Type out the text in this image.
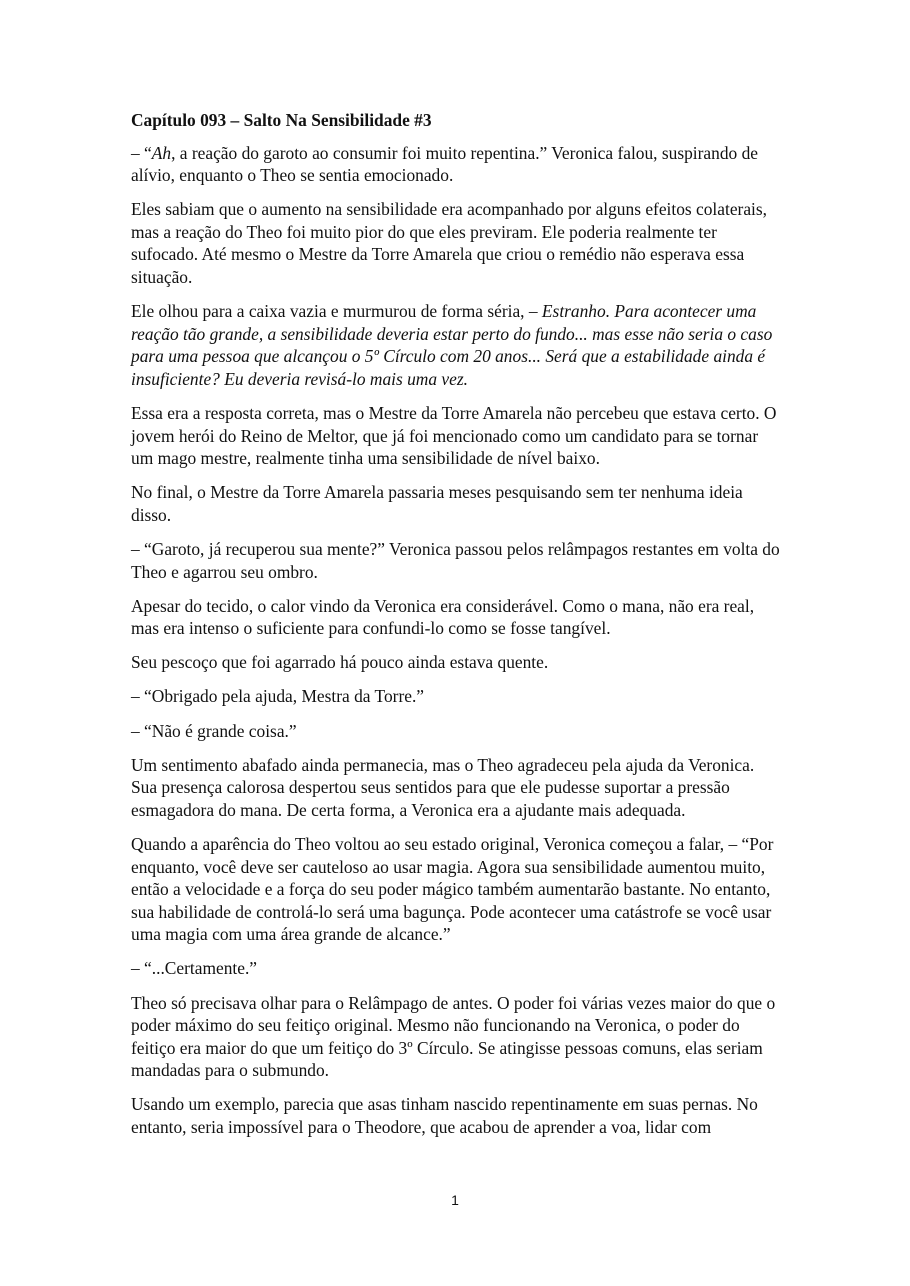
Capítulo 093 – Salto Na Sensibilidade #3

– “Ah, a reação do garoto ao consumir foi muito repentina.” Veronica falou, suspirando de alívio, enquanto o Theo se sentia emocionado.

Eles sabiam que o aumento na sensibilidade era acompanhado por alguns efeitos colaterais, mas a reação do Theo foi muito pior do que eles previram. Ele poderia realmente ter sufocado. Até mesmo o Mestre da Torre Amarela que criou o remédio não esperava essa situação.

Ele olhou para a caixa vazia e murmurou de forma séria, – Estranho. Para acontecer uma reação tão grande, a sensibilidade deveria estar perto do fundo... mas esse não seria o caso para uma pessoa que alcançou o 5º Círculo com 20 anos... Será que a estabilidade ainda é insuficiente? Eu deveria revisá-lo mais uma vez.

Essa era a resposta correta, mas o Mestre da Torre Amarela não percebeu que estava certo. O jovem herói do Reino de Meltor, que já foi mencionado como um candidato para se tornar um mago mestre, realmente tinha uma sensibilidade de nível baixo.

No final, o Mestre da Torre Amarela passaria meses pesquisando sem ter nenhuma ideia disso.

– “Garoto, já recuperou sua mente?” Veronica passou pelos relâmpagos restantes em volta do Theo e agarrou seu ombro.

Apesar do tecido, o calor vindo da Veronica era considerável. Como o mana, não era real, mas era intenso o suficiente para confundi-lo como se fosse tangível.

Seu pescoço que foi agarrado há pouco ainda estava quente.

– “Obrigado pela ajuda, Mestra da Torre.”

– “Não é grande coisa.”

Um sentimento abafado ainda permanecia, mas o Theo agradeceu pela ajuda da Veronica. Sua presença calorosa despertou seus sentidos para que ele pudesse suportar a pressão esmagadora do mana. De certa forma, a Veronica era a ajudante mais adequada.

Quando a aparência do Theo voltou ao seu estado original, Veronica começou a falar, – “Por enquanto, você deve ser cauteloso ao usar magia. Agora sua sensibilidade aumentou muito, então a velocidade e a força do seu poder mágico também aumentarão bastante. No entanto, sua habilidade de controlá-lo será uma bagunça. Pode acontecer uma catástrofe se você usar uma magia com uma área grande de alcance.”

– “...Certamente.”

Theo só precisava olhar para o Relâmpago de antes. O poder foi várias vezes maior do que o poder máximo do seu feitiço original. Mesmo não funcionando na Veronica, o poder do feitiço era maior do que um feitiço do 3º Círculo. Se atingisse pessoas comuns, elas seriam mandadas para o submundo.

Usando um exemplo, parecia que asas tinham nascido repentinamente em suas pernas. No entanto, seria impossível para o Theodore, que acabou de aprender a voa, lidar com

1
